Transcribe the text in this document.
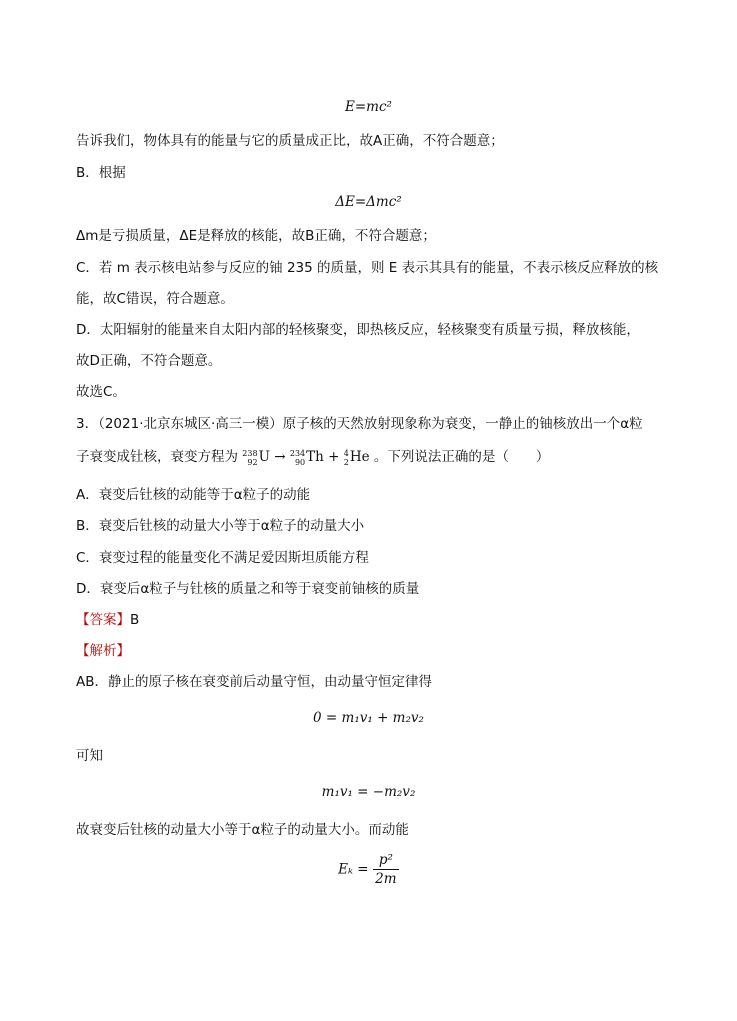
E=mc²
告诉我们，物体具有的能量与它的质量成正比，故A正确，不符合题意；
B．根据
ΔE=Δmc²
Δm是亏损质量，ΔE是释放的核能，故B正确，不符合题意；
C．若 m 表示核电站参与反应的铀 235 的质量，则 E 表示其具有的能量，不表示核反应释放的核
能，故C错误，符合题意。
D．太阳辐射的能量来自太阳内部的轻核聚变，即热核反应，轻核聚变有质量亏损，释放核能，
故D正确，不符合题意。
故选C。
3．（2021·北京东城区·高三一模）原子核的天然放射现象称为衰变，一静止的铀核放出一个α粒
子衰变成钍核，衰变方程为 238
92 U → 234
90 Th + 4
2 He 。下列说法正确的是（　　）
A．衰变后钍核的动能等于α粒子的动能
B．衰变后钍核的动量大小等于α粒子的动量大小
C．衰变过程的能量变化不满足爱因斯坦质能方程
D．衰变后α粒子与钍核的质量之和等于衰变前铀核的质量
【答案】B
【解析】
AB．静止的原子核在衰变前后动量守恒，由动量守恒定律得
0 = m₁v₁ + m₂v₂
可知
m₁v₁ = −m₂v₂
故衰变后钍核的动量大小等于α粒子的动量大小。而动能
$E_k = \frac{\text{p²}}{2m}$
